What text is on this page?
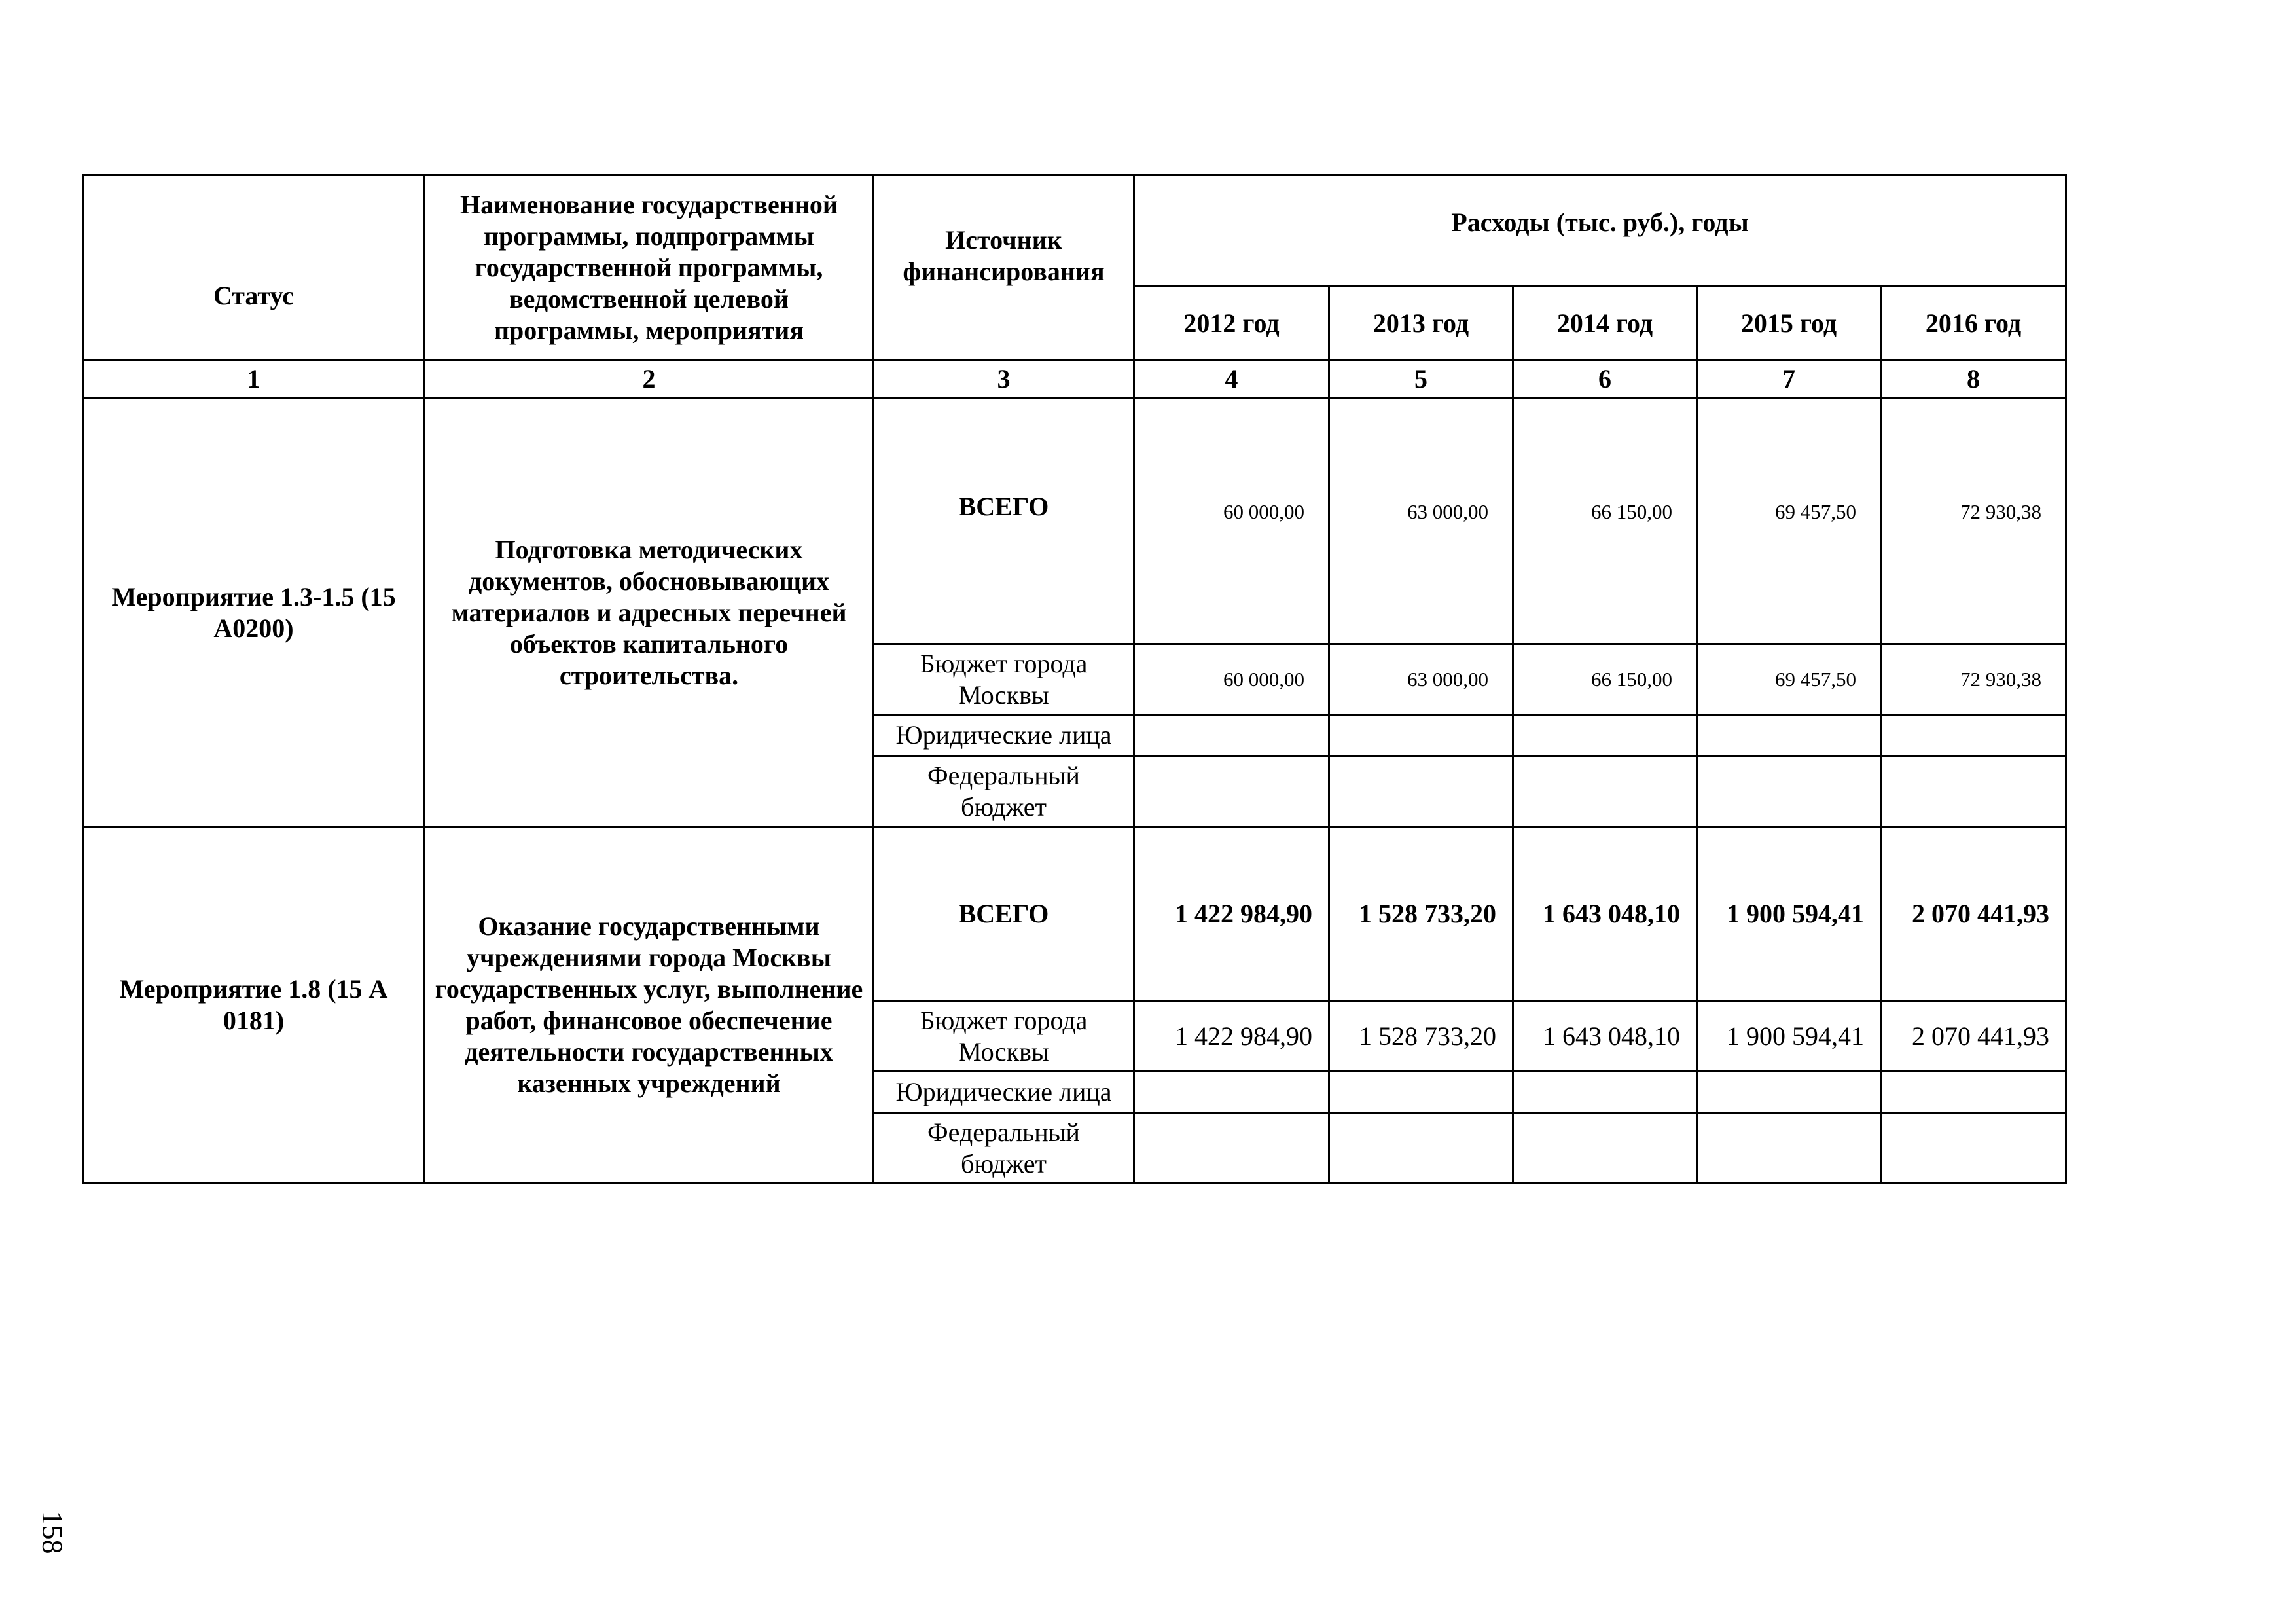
Статус	Наименование государственной программы, подпрограммы государственной программы, ведомственной целевой программы, мероприятия	Источник финансирования	Расходы (тыс. руб.), годы				
			2012 год	2013 год	2014 год	2015 год	2016 год
1	2	3	4	5	6	7	8
Мероприятие 1.3-1.5 (15 А0200)	Подготовка методических документов, обосновывающих материалов и адресных перечней объектов капитального строительства.	ВСЕГО	60 000,00	63 000,00	66 150,00	69 457,50	72 930,38
		Бюджет города Москвы	60 000,00	63 000,00	66 150,00	69 457,50	72 930,38
		Юридические лица					
		Федеральный бюджет					
Мероприятие 1.8 (15 А 0181)	Оказание государственными учреждениями города Москвы государственных услуг, выполнение работ, финансовое обеспечение деятельности государственных казенных учреждений	ВСЕГО	1 422 984,90	1 528 733,20	1 643 048,10	1 900 594,41	2 070 441,93
		Бюджет города Москвы	1 422 984,90	1 528 733,20	1 643 048,10	1 900 594,41	2 070 441,93
		Юридические лица					
		Федеральный бюджет					
158
